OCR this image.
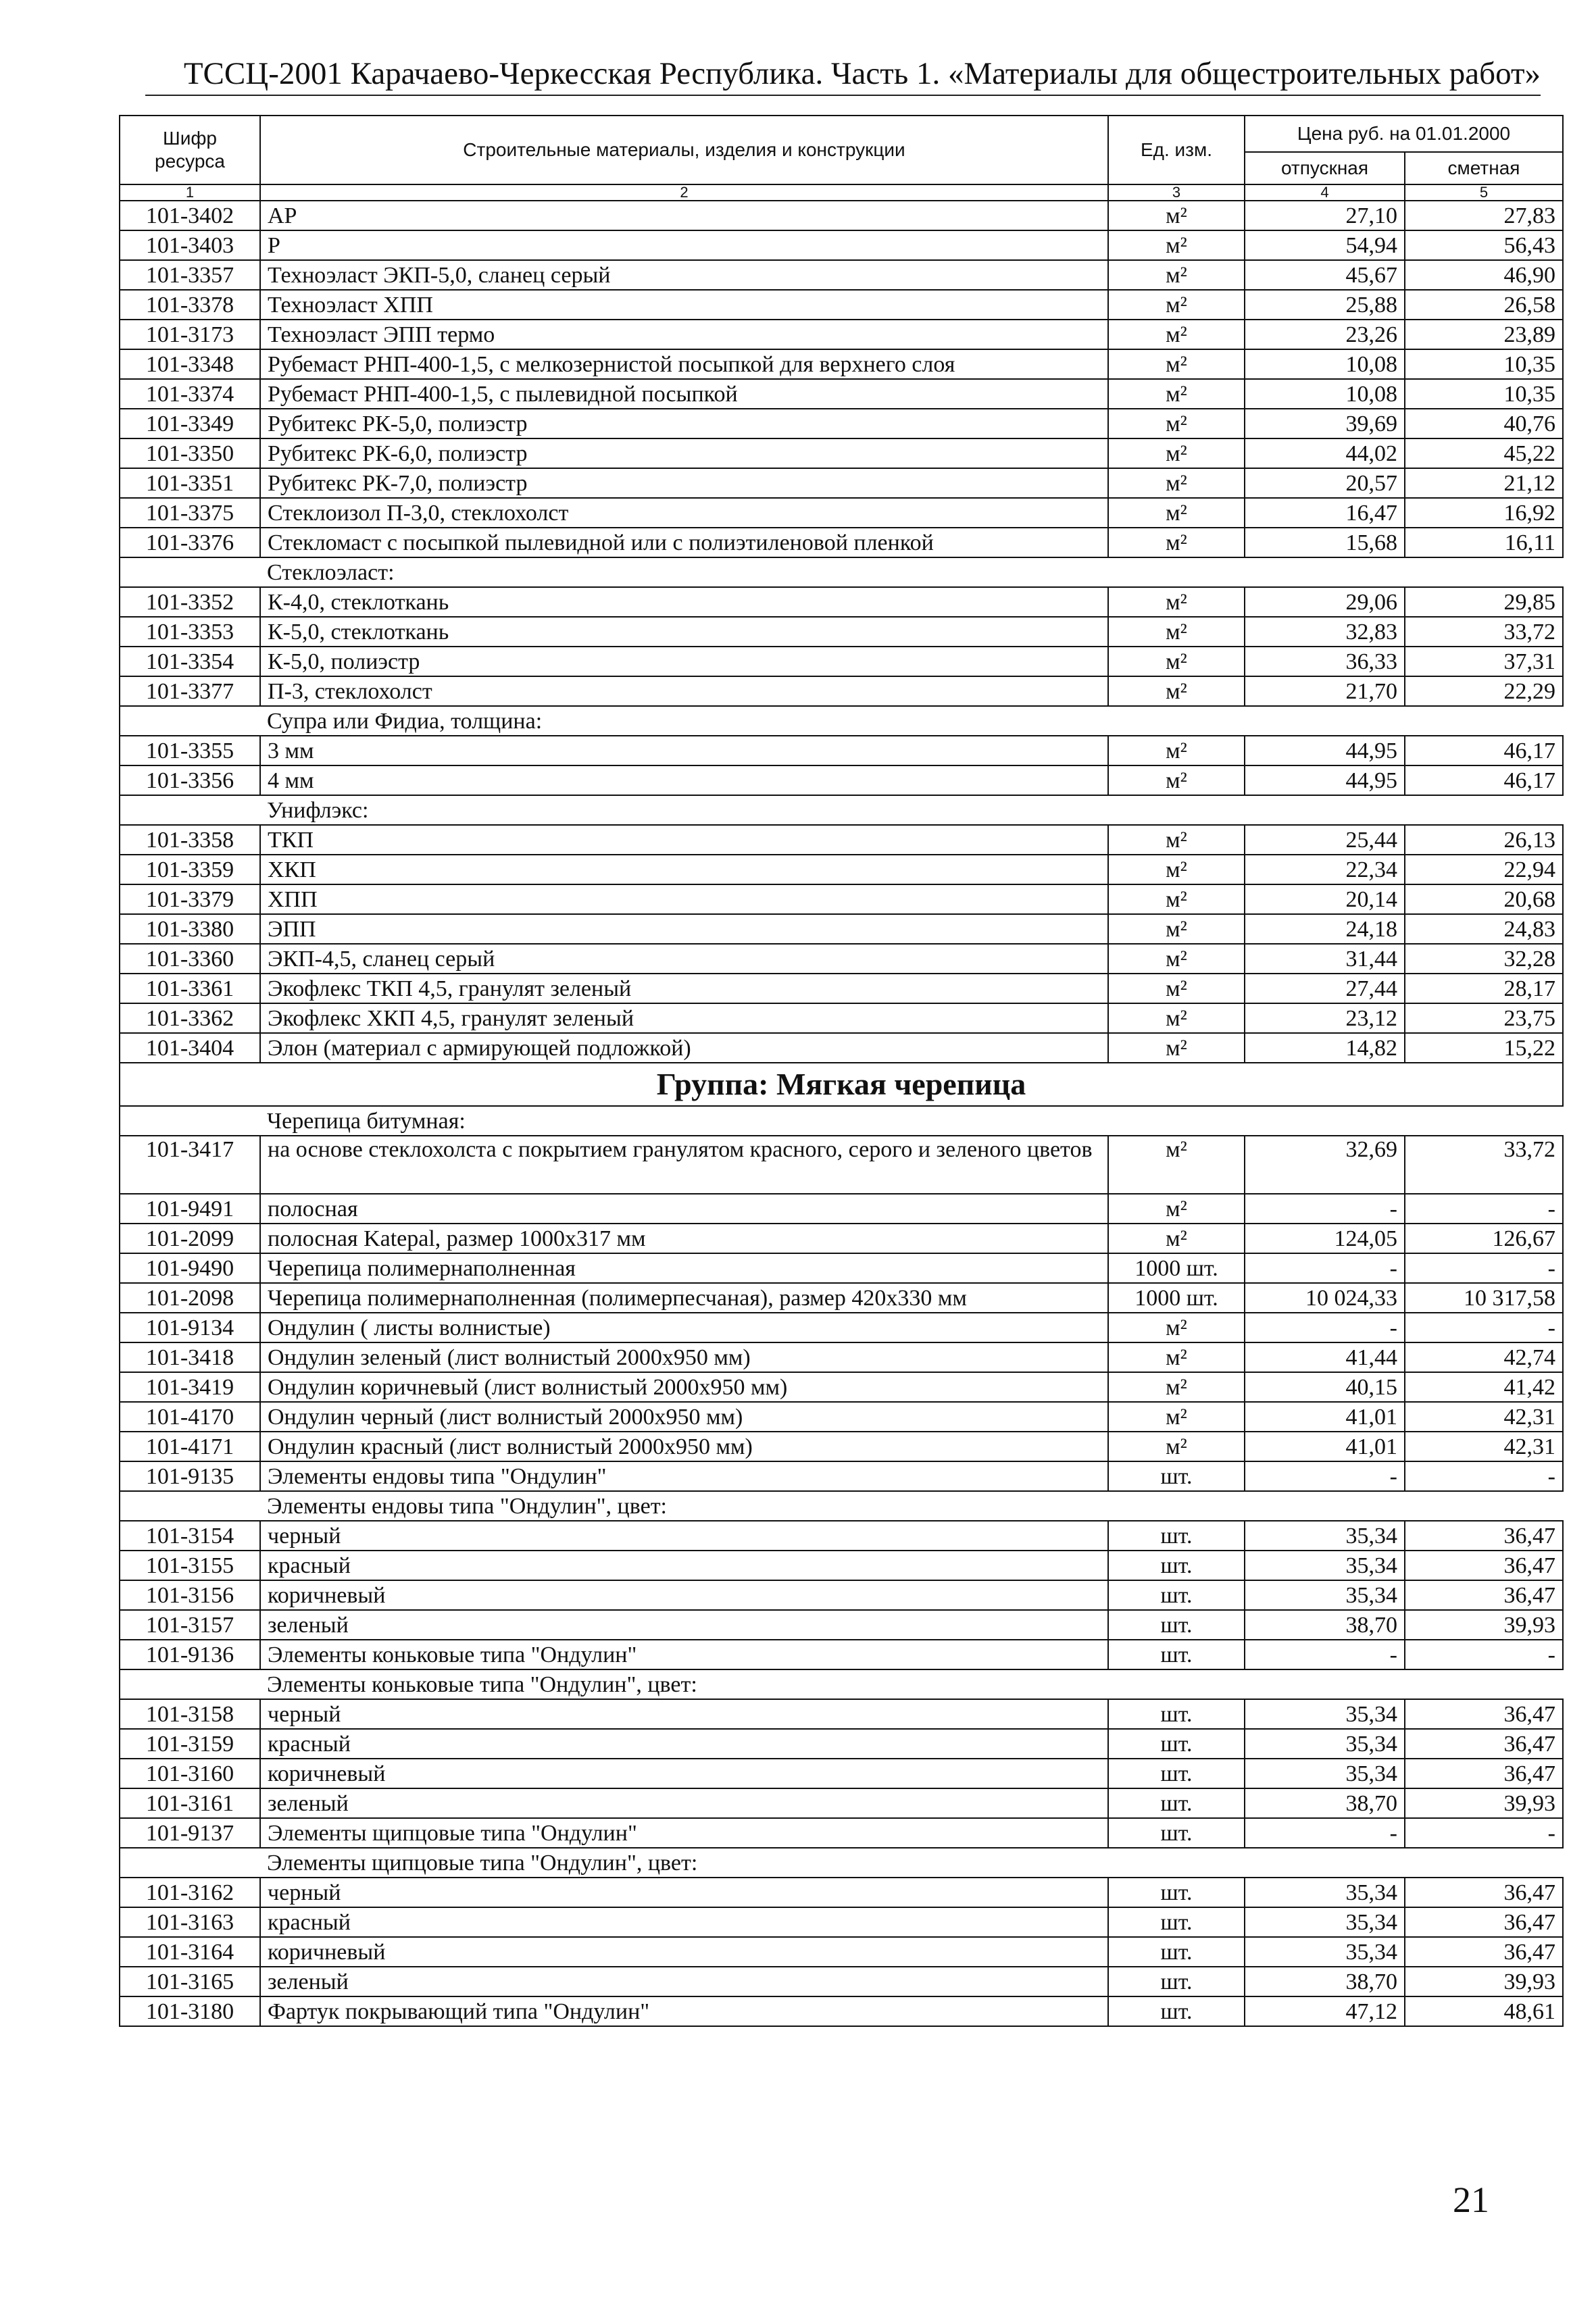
ТССЦ-2001 Карачаево-Черкесская Республика. Часть 1. «Материалы для общестроительных работ»
Шифр ресурса	Строительные материалы, изделия и конструкции	Ед. изм.	Цена руб. на 01.01.2000	
			отпускная	сметная
1	2	3	4	5
101-3402	АР	м²	27,10	27,83
101-3403	Р	м²	54,94	56,43
101-3357	Техноэласт ЭКП-5,0, сланец серый	м²	45,67	46,90
101-3378	Техноэласт ХПП	м²	25,88	26,58
101-3173	Техноэласт ЭПП термо	м²	23,26	23,89
101-3348	Рубемаст РНП-400-1,5, с мелкозернистой посыпкой для верхнего слоя	м²	10,08	10,35
101-3374	Рубемаст РНП-400-1,5, с пылевидной посыпкой	м²	10,08	10,35
101-3349	Рубитекс РК-5,0, полиэстр	м²	39,69	40,76
101-3350	Рубитекс РК-6,0, полиэстр	м²	44,02	45,22
101-3351	Рубитекс РК-7,0, полиэстр	м²	20,57	21,12
101-3375	Стеклоизол П-3,0, стеклохолст	м²	16,47	16,92
101-3376	Стекломаст с посыпкой пылевидной или с полиэтиленовой пленкой	м²	15,68	16,11
	Стеклоэласт:			
101-3352	К-4,0, стеклоткань	м²	29,06	29,85
101-3353	К-5,0, стеклоткань	м²	32,83	33,72
101-3354	К-5,0, полиэстр	м²	36,33	37,31
101-3377	П-3, стеклохолст	м²	21,70	22,29
	Супра или Фидиа, толщина:			
101-3355	3 мм	м²	44,95	46,17
101-3356	4 мм	м²	44,95	46,17
	Унифлэкс:			
101-3358	ТКП	м²	25,44	26,13
101-3359	ХКП	м²	22,34	22,94
101-3379	ХПП	м²	20,14	20,68
101-3380	ЭПП	м²	24,18	24,83
101-3360	ЭКП-4,5, сланец серый	м²	31,44	32,28
101-3361	Экофлекс ТКП 4,5, гранулят зеленый	м²	27,44	28,17
101-3362	Экофлекс ХКП 4,5, гранулят зеленый	м²	23,12	23,75
101-3404	Элон (материал с армирующей подложкой)	м²	14,82	15,22
Группа: Мягкая черепица				
	Черепица битумная:			
101-3417	на основе стеклохолста с покрытием гранулятом красного, серого и зеленого цветов	м²	32,69	33,72
101-9491	полосная	м²	-	-
101-2099	полосная Katepal, размер 1000х317 мм	м²	124,05	126,67
101-9490	Черепица полимернаполненная	1000 шт.	-	-
101-2098	Черепица полимернаполненная (полимерпесчаная), размер 420х330 мм	1000 шт.	10 024,33	10 317,58
101-9134	Ондулин ( листы волнистые)	м²	-	-
101-3418	Ондулин зеленый (лист волнистый 2000х950 мм)	м²	41,44	42,74
101-3419	Ондулин коричневый (лист волнистый 2000х950 мм)	м²	40,15	41,42
101-4170	Ондулин черный (лист волнистый 2000х950 мм)	м²	41,01	42,31
101-4171	Ондулин красный (лист волнистый 2000х950 мм)	м²	41,01	42,31
101-9135	Элементы ендовы типа "Ондулин"	шт.	-	-
	Элементы ендовы типа "Ондулин", цвет:			
101-3154	черный	шт.	35,34	36,47
101-3155	красный	шт.	35,34	36,47
101-3156	коричневый	шт.	35,34	36,47
101-3157	зеленый	шт.	38,70	39,93
101-9136	Элементы коньковые типа "Ондулин"	шт.	-	-
	Элементы коньковые типа "Ондулин", цвет:			
101-3158	черный	шт.	35,34	36,47
101-3159	красный	шт.	35,34	36,47
101-3160	коричневый	шт.	35,34	36,47
101-3161	зеленый	шт.	38,70	39,93
101-9137	Элементы щипцовые типа "Ондулин"	шт.	-	-
	Элементы щипцовые типа "Ондулин", цвет:			
101-3162	черный	шт.	35,34	36,47
101-3163	красный	шт.	35,34	36,47
101-3164	коричневый	шт.	35,34	36,47
101-3165	зеленый	шт.	38,70	39,93
101-3180	Фартук покрывающий типа "Ондулин"	шт.	47,12	48,61
21
